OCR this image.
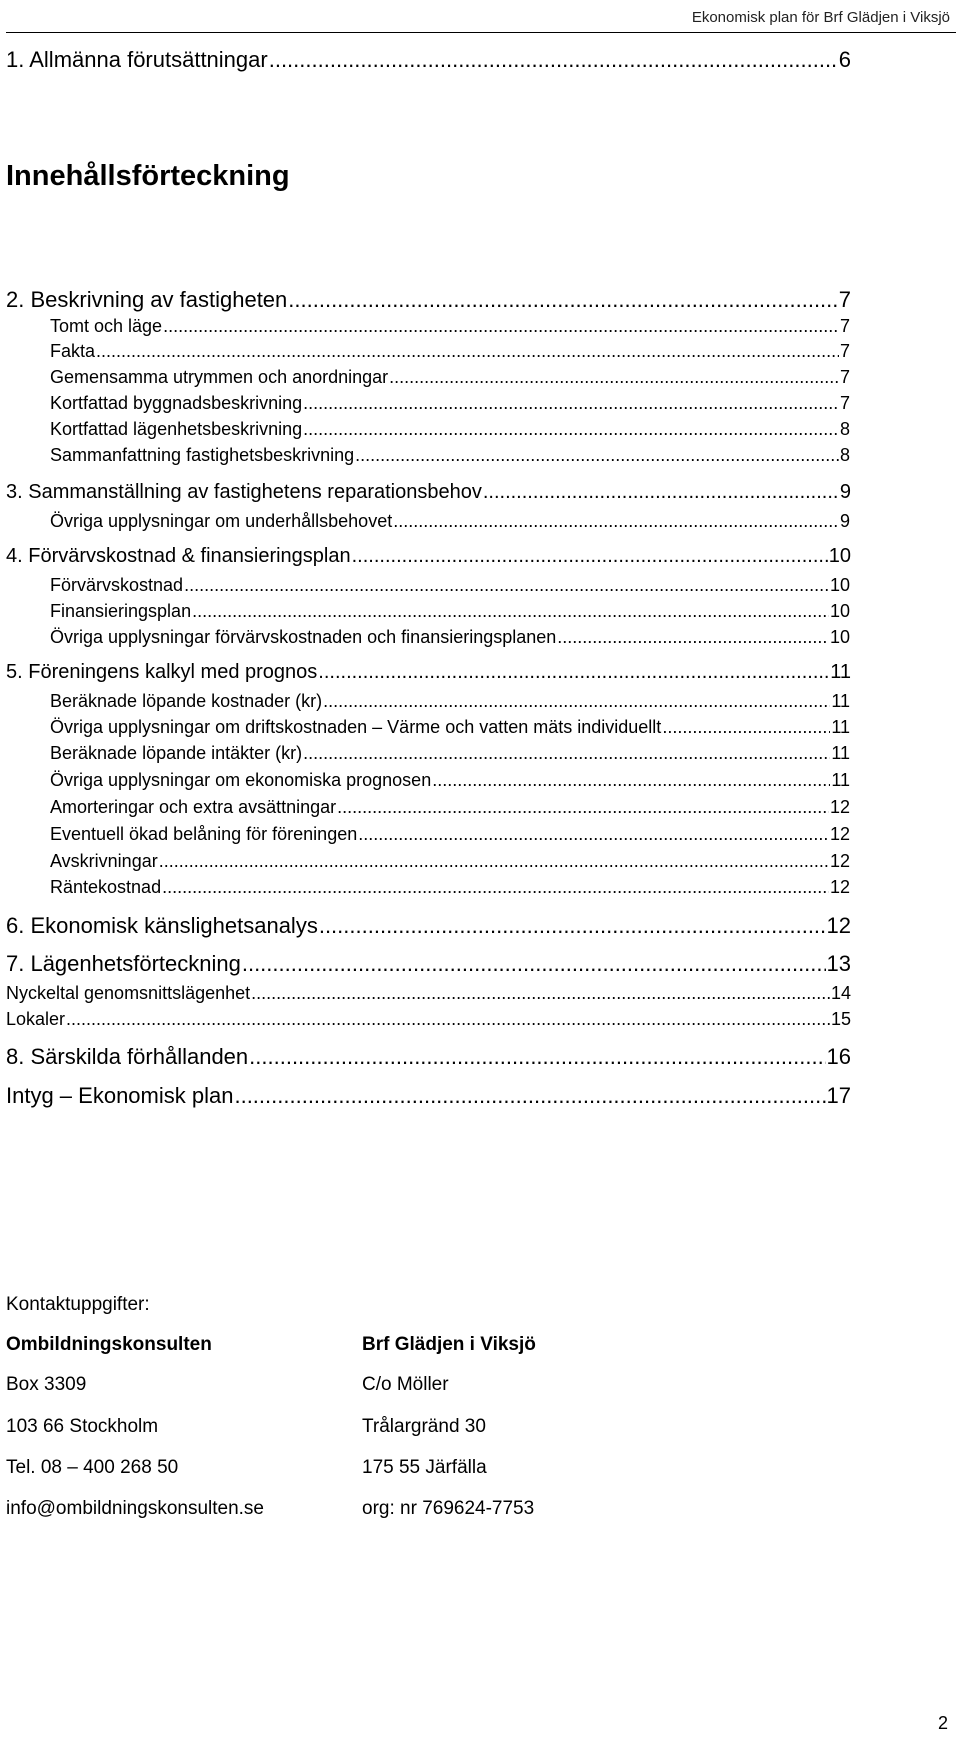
Ekonomisk plan för Brf Glädjen i Viksjö
Innehållsförteckning
1. Allmänna förutsättningar .....	6
2. Beskrivning av fastigheten .....	7
Tomt och läge .....	7
Fakta .....	7
Gemensamma utrymmen och anordningar .....	7
Kortfattad byggnadsbeskrivning .....	7
Kortfattad lägenhetsbeskrivning .....	8
Sammanfattning fastighetsbeskrivning .....	8
3. Sammanställning av fastighetens reparationsbehov .....	9
Övriga upplysningar om underhållsbehovet .....	9
4. Förvärvskostnad & finansieringsplan .....	10
Förvärvskostnad .....	10
Finansieringsplan .....	10
Övriga upplysningar förvärvskostnaden och finansieringsplanen .....	10
5. Föreningens kalkyl med prognos .....	11
Beräknade löpande kostnader (kr) .....	11
Övriga upplysningar om driftskostnaden – Värme och vatten mäts individuellt .....	11
Beräknade löpande intäkter (kr) .....	11
Övriga upplysningar om ekonomiska prognosen .....	11
Amorteringar och extra avsättningar .....	12
Eventuell ökad belåning för föreningen .....	12
Avskrivningar .....	12
Räntekostnad .....	12
6. Ekonomisk känslighetsanalys .....	12
7. Lägenhetsförteckning .....	13
Nyckeltal genomsnittslägenhet .....	14
Lokaler .....	15
8. Särskilda förhållanden .....	16
Intyg – Ekonomisk plan .....	17
Kontaktuppgifter:
Ombildningskonsulten
Box 3309
103 66 Stockholm
Tel. 08 – 400 268 50
info@ombildningskonsulten.se
Brf Glädjen i Viksjö
C/o Möller
Trålargränd 30
175 55 Järfälla
org: nr 769624-7753
2
